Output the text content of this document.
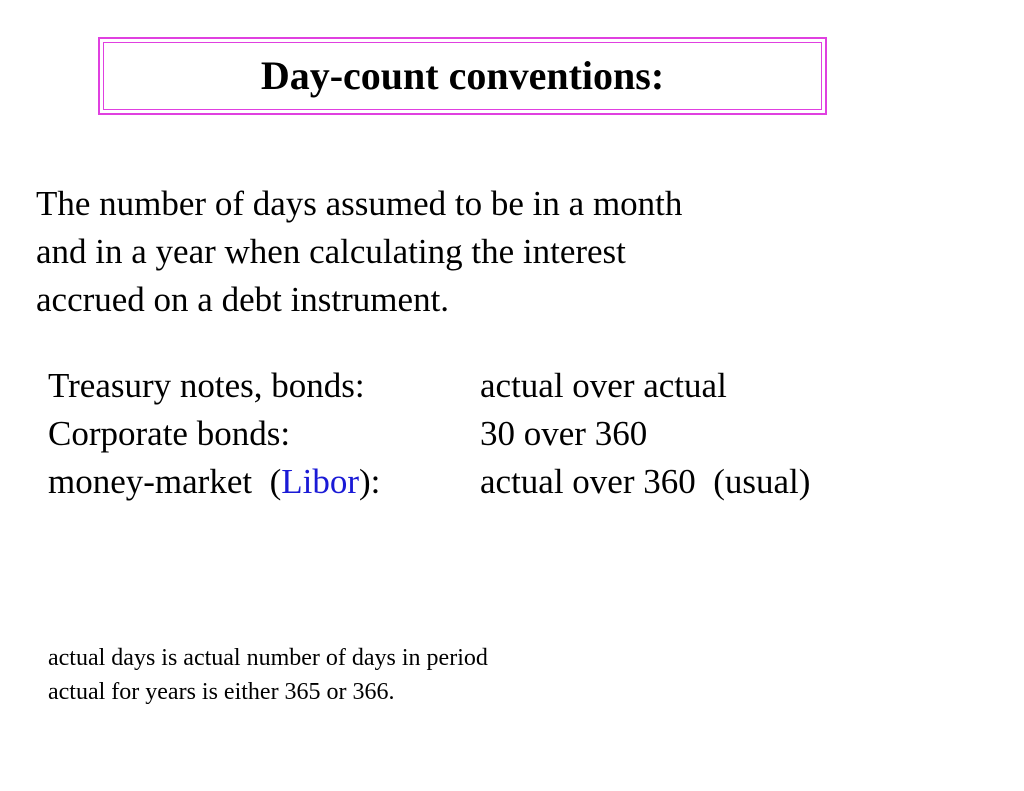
Day-count conventions:
The number of days assumed to be in a month
and in a year when calculating the interest
accrued on a debt instrument.
Treasury notes, bonds:	actual over actual
Corporate bonds:	30 over 360
money-market  (Libor):	actual over 360  (usual)
actual days is actual number of days in period
actual for years is either 365 or 366.
